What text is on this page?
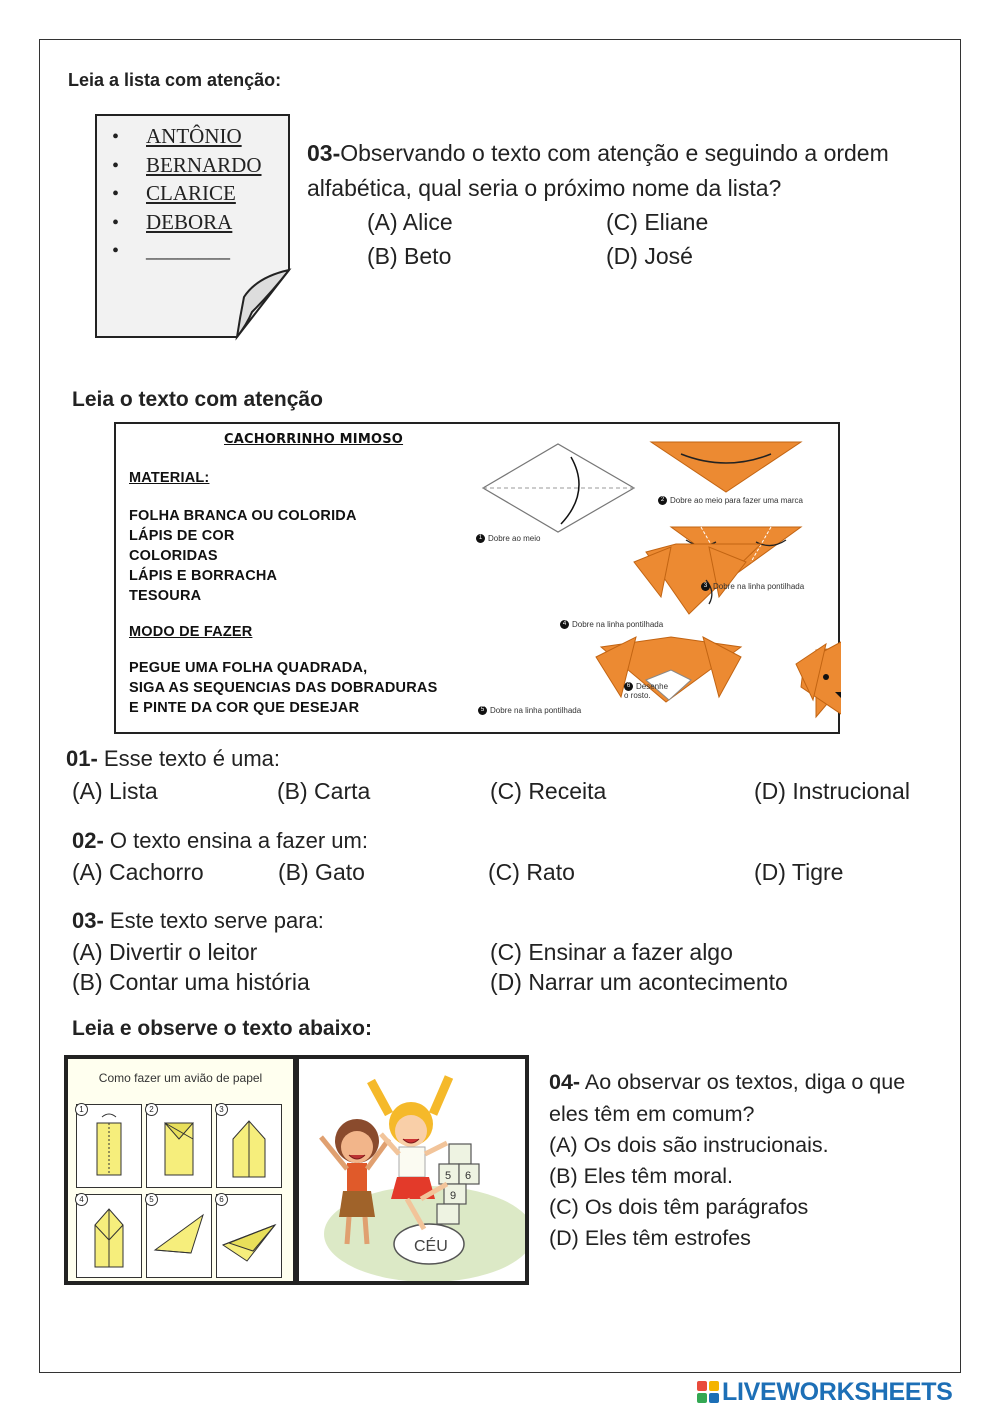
Leia a lista com atenção:
• ANTÔNIO
• BERNARDO
• CLARICE
• DEBORA
• ________
03-Observando o texto com atenção e seguindo a ordem
alfabética, qual seria o próximo nome da lista?
(A) Alice
(B) Beto
(C) Eliane
(D) José
Leia o texto com atenção
CACHORRINHO MIMOSO
MATERIAL:
FOLHA BRANCA OU COLORIDA
LÁPIS DE COR
COLORIDAS
LÁPIS E BORRACHA
TESOURA
MODO DE FAZER
PEGUE UMA FOLHA QUADRADA,
SIGA AS SEQUENCIAS DAS DOBRADURAS
E PINTE DA COR QUE DESEJAR
1 Dobre ao meio
2 Dobre ao meio para fazer uma marca
3 Dobre na linha pontilhada
4 Dobre na linha pontilhada
5 Dobre na linha pontilhada
6 Desenhe o rosto.
01- Esse texto é uma:
(A) Lista	(B) Carta	(C) Receita	(D) Instrucional
02- O texto ensina a fazer um:
(A) Cachorro	(B) Gato	(C) Rato	(D) Tigre
03- Este texto serve para:
(A) Divertir o leitor
(B) Contar uma história
(C) Ensinar a fazer algo
(D) Narrar um acontecimento
Leia e observe o texto abaixo:
Como fazer um avião de papel
1	2	3
4	5	6
5 6
9
CÉU
04- Ao observar os textos, diga o que
eles têm em comum?
(A) Os dois são instrucionais.
(B) Eles têm moral.
(C) Os dois têm parágrafos
(D) Eles têm estrofes
LIVEWORKSHEETS
